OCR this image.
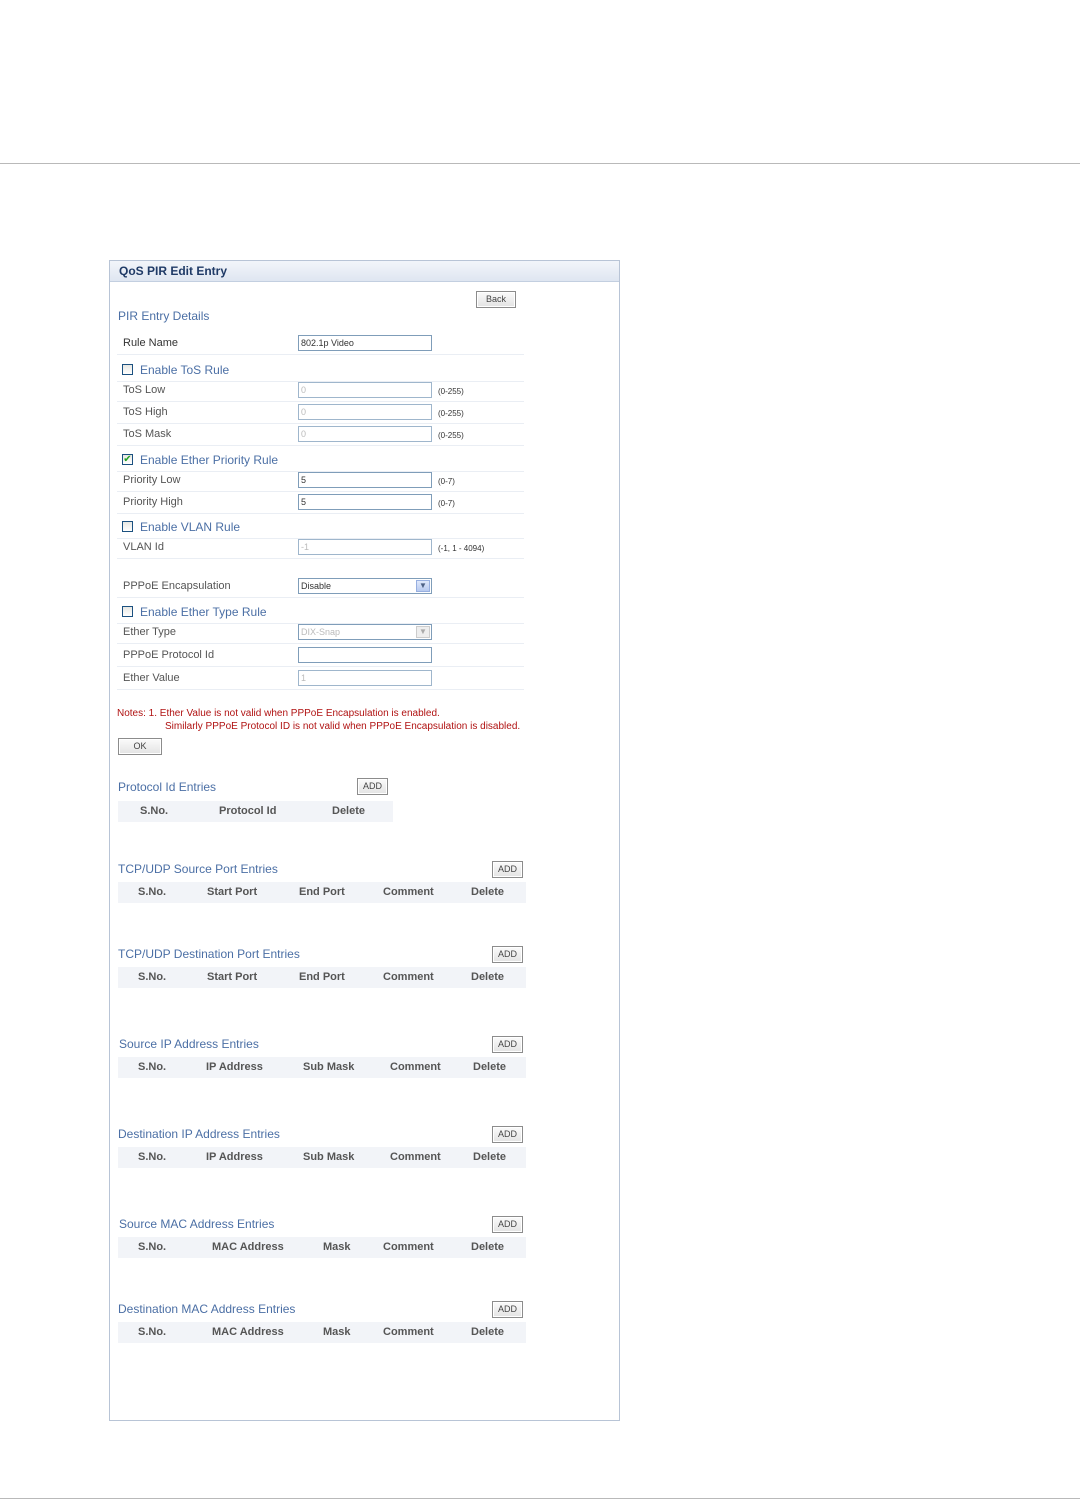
QoS PIR Edit Entry
Back
PIR Entry Details
Rule Name	802.1p Video
Enable ToS Rule
ToS Low	0	(0-255)
ToS High	0	(0-255)
ToS Mask	0	(0-255)
✔ Enable Ether Priority Rule
Priority Low	5	(0-7)
Priority High	5	(0-7)
Enable VLAN Rule
VLAN Id	-1	(-1, 1 - 4094)
PPPoE Encapsulation	Disable	▼
Enable Ether Type Rule
Ether Type	DIX-Snap	▼
PPPoE Protocol Id
Ether Value	1
Notes: 1. Ether Value is not valid when PPPoE Encapsulation is enabled.
Similarly PPPoE Protocol ID is not valid when PPPoE Encapsulation is disabled.
OK
Protocol Id Entries	ADD
S.No.	Protocol Id	Delete
TCP/UDP Source Port Entries	ADD
S.No.	Start Port	End Port	Comment	Delete
TCP/UDP Destination Port Entries	ADD
S.No.	Start Port	End Port	Comment	Delete
Source IP Address Entries	ADD
S.No.	IP Address	Sub Mask	Comment	Delete
Destination IP Address Entries	ADD
S.No.	IP Address	Sub Mask	Comment	Delete
Source MAC Address Entries	ADD
S.No.	MAC Address	Mask	Comment	Delete
Destination MAC Address Entries	ADD
S.No.	MAC Address	Mask	Comment	Delete
